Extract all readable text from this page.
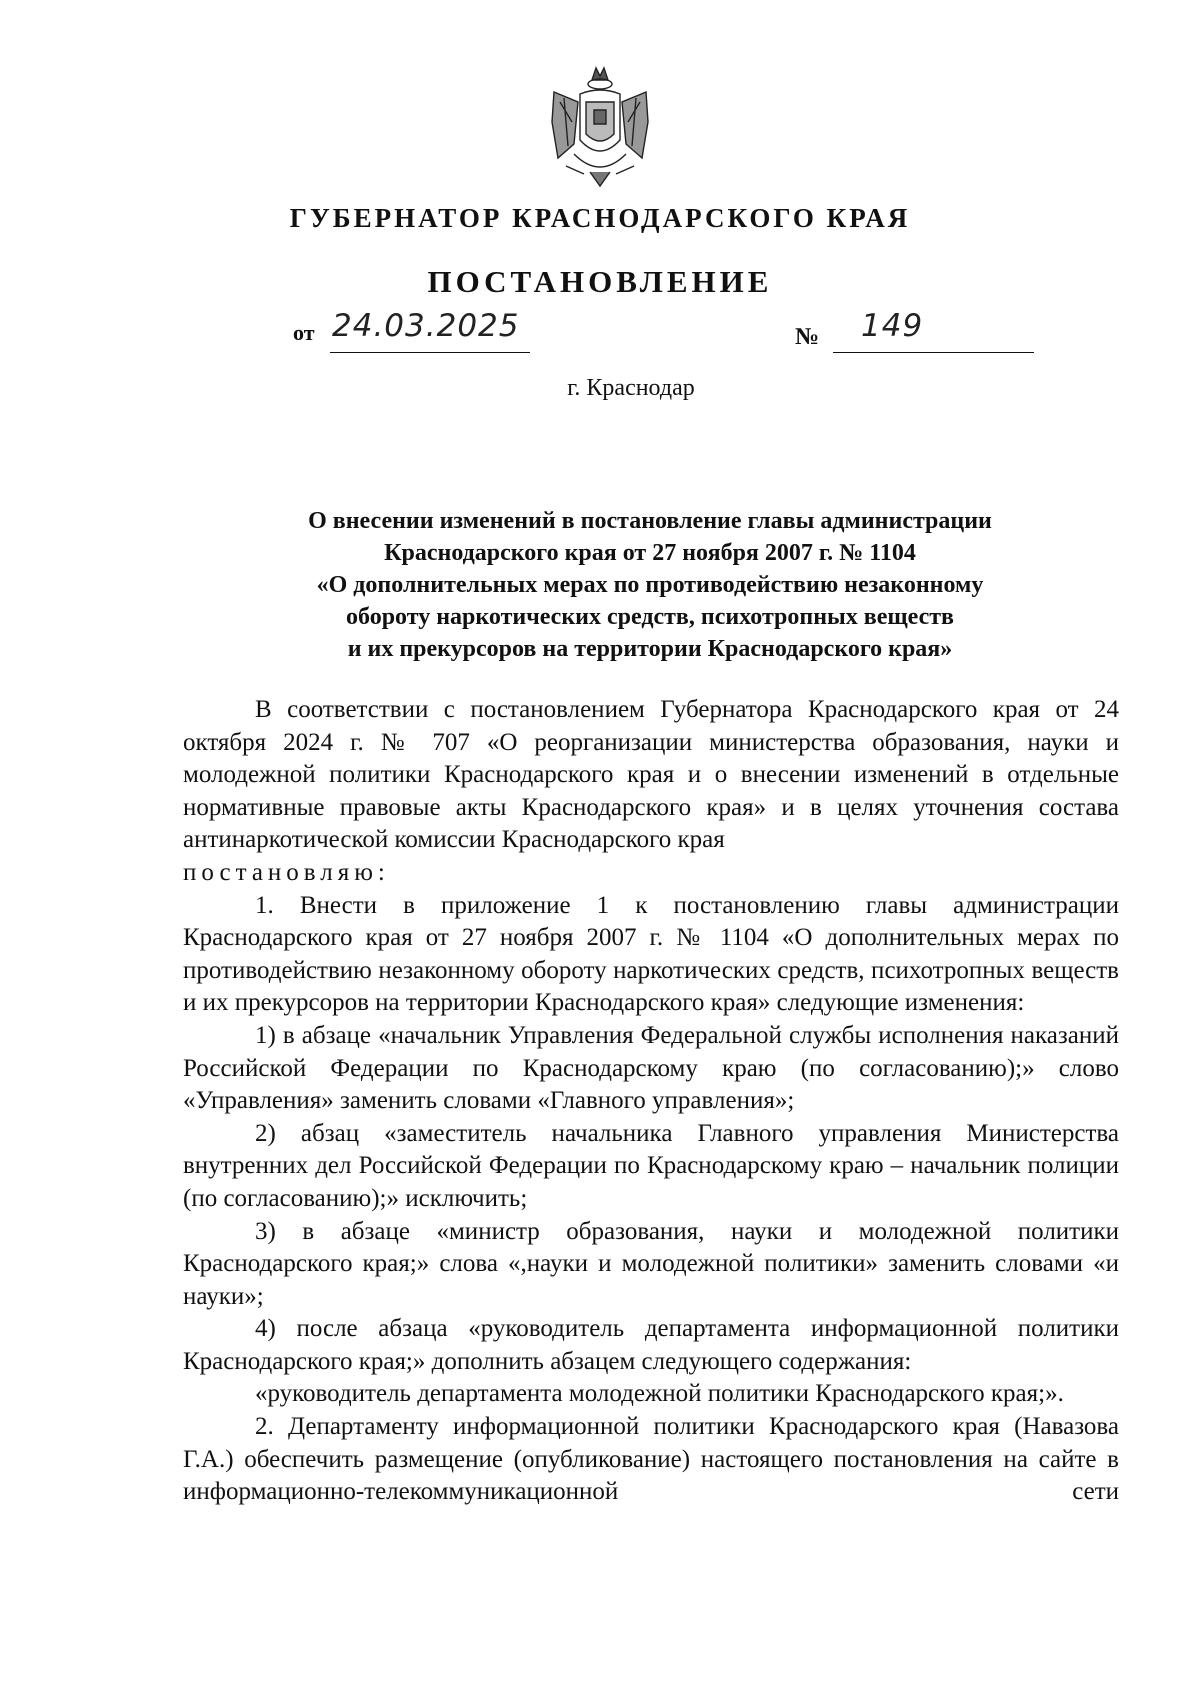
ГУБЕРНАТОР КРАСНОДАРСКОГО КРАЯ
ПОСТАНОВЛЕНИЕ
от 24.03.2025	№ 149
г. Краснодар
О внесении изменений в постановление главы администрации
Краснодарского края от 27 ноября 2007 г. № 1104
«О дополнительных мерах по противодействию незаконному
обороту наркотических средств, психотропных веществ
и их прекурсоров на территории Краснодарского края»

В соответствии с постановлением Губернатора Краснодарского края от 24 октября 2024 г. № 707 «О реорганизации министерства образования, науки и молодежной политики Краснодарского края и о внесении изменений в отдельные нормативные правовые акты Краснодарского края» и в целях уточнения состава антинаркотической комиссии Краснодарского края

постановляю:

1. Внести в приложение 1 к постановлению главы администрации Краснодарского края от 27 ноября 2007 г. № 1104 «О дополнительных мерах по противодействию незаконному обороту наркотических средств, психотропных веществ и их прекурсоров на территории Краснодарского края» следующие изменения:

1) в абзаце «начальник Управления Федеральной службы исполнения наказаний Российской Федерации по Краснодарскому краю (по согласованию);» слово «Управления» заменить словами «Главного управления»;

2) абзац «заместитель начальника Главного управления Министерства внутренних дел Российской Федерации по Краснодарскому краю – начальник полиции (по согласованию);» исключить;

3) в абзаце «министр образования, науки и молодежной политики Краснодарского края;» слова «,науки и молодежной политики» заменить словами «и науки»;

4) после абзаца «руководитель департамента информационной политики Краснодарского края;» дополнить абзацем следующего содержания:

«руководитель департамента молодежной политики Краснодарского края;».

2. Департаменту информационной политики Краснодарского края (Навазова Г.А.) обеспечить размещение (опубликование) настоящего постановления на сайте в информационно-телекоммуникационной сети
